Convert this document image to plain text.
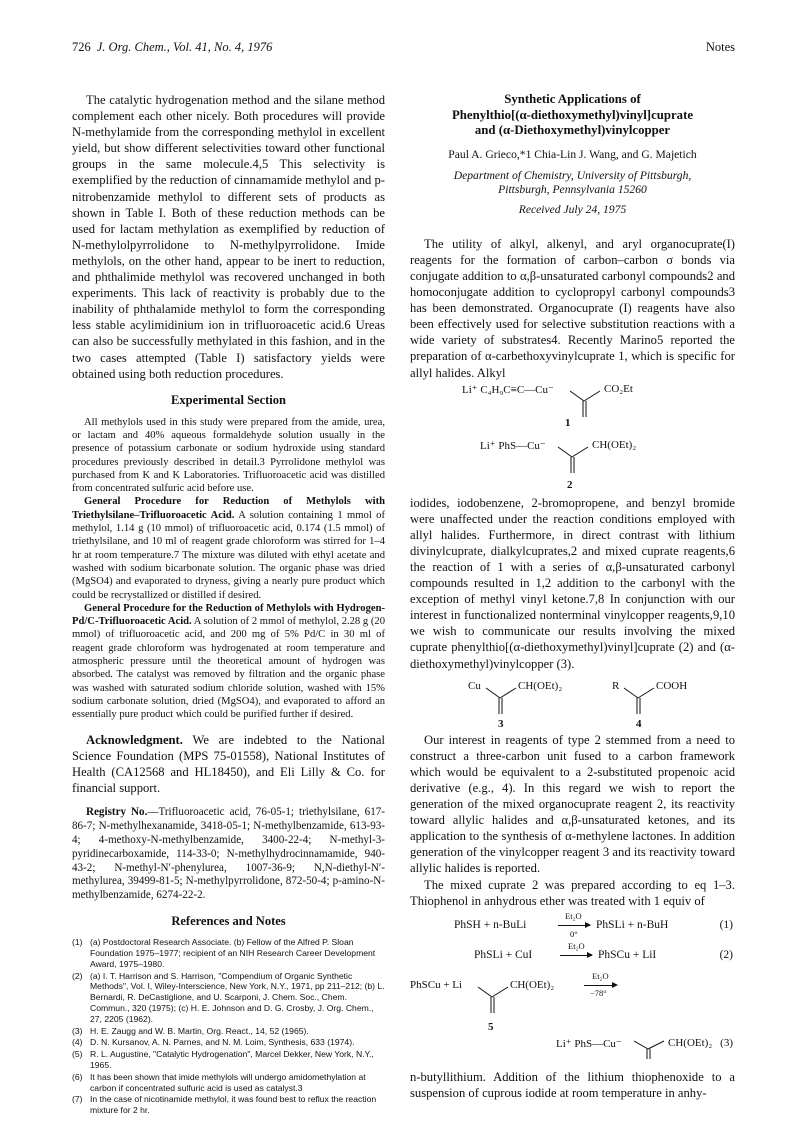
726 J. Org. Chem., Vol. 41, No. 4, 1976	Notes

The catalytic hydrogenation method and the silane method complement each other nicely. Both procedures will provide N-methylamide from the corresponding methylol in excellent yield, but show different selectivities toward other functional groups in the same molecule.4,5 This selectivity is exemplified by the reduction of cinnamamide methylol and p-nitrobenzamide methylol to different sets of products as shown in Table I. Both of these reduction methods can be used for lactam methylation as exemplified by reduction of N-methylolpyrrolidone to N-methylpyrrolidone. Imide methylols, on the other hand, appear to be inert to reduction, and phthalimide methylol was recovered unchanged in both experiments. This lack of reactivity is probably due to the inability of phthalamide methylol to form the corresponding less stable acylimidinium ion in trifluoroacetic acid.6 Ureas can also be successfully methylated in this fashion, and in the two cases attempted (Table I) satisfactory yields were obtained using both reduction procedures.

Experimental Section

All methylols used in this study were prepared from the amide, urea, or lactam and 40% aqueous formaldehyde solution usually in the presence of potassium carbonate or sodium hydroxide using standard procedures previously described in detail.3 Pyrrolidone methylol was purchased from K and K Laboratories. Trifluoroacetic acid was distilled from concentrated sulfuric acid before use.

General Procedure for Reduction of Methylols with Triethylsilane–Trifluoroacetic Acid. A solution containing 1 mmol of methylol, 1.14 g (10 mmol) of trifluoroacetic acid, 0.174 (1.5 mmol) of triethylsilane, and 10 ml of reagent grade chloroform was stirred for 1–4 hr at room temperature.7 The mixture was diluted with ethyl acetate and washed with sodium bicarbonate solution. The organic phase was dried (MgSO4) and evaporated to dryness, giving a nearly pure product which could be recrystallized or distilled if desired.

General Procedure for the Reduction of Methylols with Hydrogen-Pd/C-Trifluoroacetic Acid. A solution of 2 mmol of methylol, 2.28 g (20 mmol) of trifluoroacetic acid, and 200 mg of 5% Pd/C in 30 ml of reagent grade chloroform was hydrogenated at room temperature and atmospheric pressure until the theoretical amount of hydrogen was absorbed. The catalyst was removed by filtration and the organic phase was washed with saturated sodium chloride solution, washed with 15% sodium carbonate solution, dried (MgSO4), and evaporated to afford an essentially pure product which could be purified further if desired.

Acknowledgment. We are indebted to the National Science Foundation (MPS 75-01558), National Institutes of Health (CA12568 and HL18450), and Eli Lilly & Co. for financial support.

Registry No.—Trifluoroacetic acid, 76-05-1; triethylsilane, 617-86-7; N-methylhexanamide, 3418-05-1; N-methylbenzamide, 613-93-4; 4-methoxy-N-methylbenzamide, 3400-22-4; N-methyl-3-pyridinecarboxamide, 114-33-0; N-methylhydrocinnamamide, 940-43-2; N-methyl-N′-phenylurea, 1007-36-9; N,N-diethyl-N′-methylurea, 39499-81-5; N-methylpyrrolidone, 872-50-4; p-amino-N-methylbenzamide, 6274-22-2.

References and Notes
(1) (a) Postdoctoral Research Associate. (b) Fellow of the Alfred P. Sloan Foundation 1975–1977; recipient of an NIH Research Career Development Award, 1975–1980.
(2) (a) I. T. Harrison and S. Harrison, "Compendium of Organic Synthetic Methods", Vol. I, Wiley-Interscience, New York, N.Y., 1971, pp 211–212; (b) L. Bernardi, R. DeCastiglione, and U. Scarponi, J. Chem. Soc., Chem. Commun., 320 (1975); (c) H. E. Johnson and D. G. Crosby, J. Org. Chem., 27, 2205 (1962).
(3) H. E. Zaugg and W. B. Martin, Org. React., 14, 52 (1965).
(4) D. N. Kursanov, A. N. Parnes, and N. M. Loim, Synthesis, 633 (1974).
(5) R. L. Augustine, "Catalytic Hydrogenation", Marcel Dekker, New York, N.Y., 1965.
(6) It has been shown that imide methylols will undergo amidomethylation at carbon if concentrated sulfuric acid is used as catalyst.3
(7) In the case of nicotinamide methylol, it was found best to reflux the reaction mixture for 2 hr.
Synthetic Applications of
Phenylthio[(α-diethoxymethyl)vinyl]cuprate
and (α-Diethoxymethyl)vinylcopper
Paul A. Grieco,*1 Chia-Lin J. Wang, and G. Majetich
Department of Chemistry, University of Pittsburgh,
Pittsburgh, Pennsylvania 15260
Received July 24, 1975

The utility of alkyl, alkenyl, and aryl organocuprate(I) reagents for the formation of carbon–carbon σ bonds via conjugate addition to α,β-unsaturated carbonyl compounds2 and homoconjugate addition to cyclopropyl carbonyl compounds3 has been demonstrated. Organocuprate (I) reagents have also been effectively used for selective substitution reactions with a wide variety of substrates4. Recently Marino5 reported the preparation of α-carbethoxyvinylcuprate 1, which is specific for allyl halides. Alkyl

Li⁺ C₄H₉C≡C—Cu⁻	CO₂Et
1
Li⁺ PhS—Cu⁻	CH(OEt)₂
2

iodides, iodobenzene, 2-bromopropene, and benzyl bromide were unaffected under the reaction conditions employed with allyl halides. Furthermore, in direct contrast with lithium divinylcuprate, dialkylcuprates,2 and mixed cuprate reagents,6 the reaction of 1 with a series of α,β-unsaturated carbonyl compounds resulted in 1,2 addition to the carbonyl with the exception of methyl vinyl ketone.7,8 In conjunction with our interest in functionalized nonterminal vinylcopper reagents,9,10 we wish to communicate our results involving the mixed cuprate phenylthio[(α-diethoxymethyl)vinyl]cuprate (2) and (α-diethoxymethyl)vinylcopper (3).

Cu	CH(OEt)₂
3
R	COOH
4

Our interest in reagents of type 2 stemmed from a need to construct a three-carbon unit fused to a carbon framework which would be equivalent to a 2-substituted propenoic acid derivative (e.g., 4). In this regard we wish to report the generation of the mixed organocuprate reagent 2, its reactivity toward allylic halides and α,β-unsaturated ketones, and its application to the synthesis of α-methylene lactones. In addition generation of the vinylcopper reagent 3 and its reactivity toward allylic halides is reported.

The mixed cuprate 2 was prepared according to eq 1–3. Thiophenol in anhydrous ether was treated with 1 equiv of

PhSH + n-BuLi
Et₂O
0°
PhSLi + n-BuH	(1)
PhSLi + CuI
Et₂O
PhSCu + LiI	(2)
PhSCu + Li	CH(OEt)₂
Et₂O
−78°
5
Li⁺ PhS—Cu⁻	CH(OEt)₂ (3)

n-butyllithium. Addition of the lithium thiophenoxide to a suspension of cuprous iodide at room temperature in anhy-
